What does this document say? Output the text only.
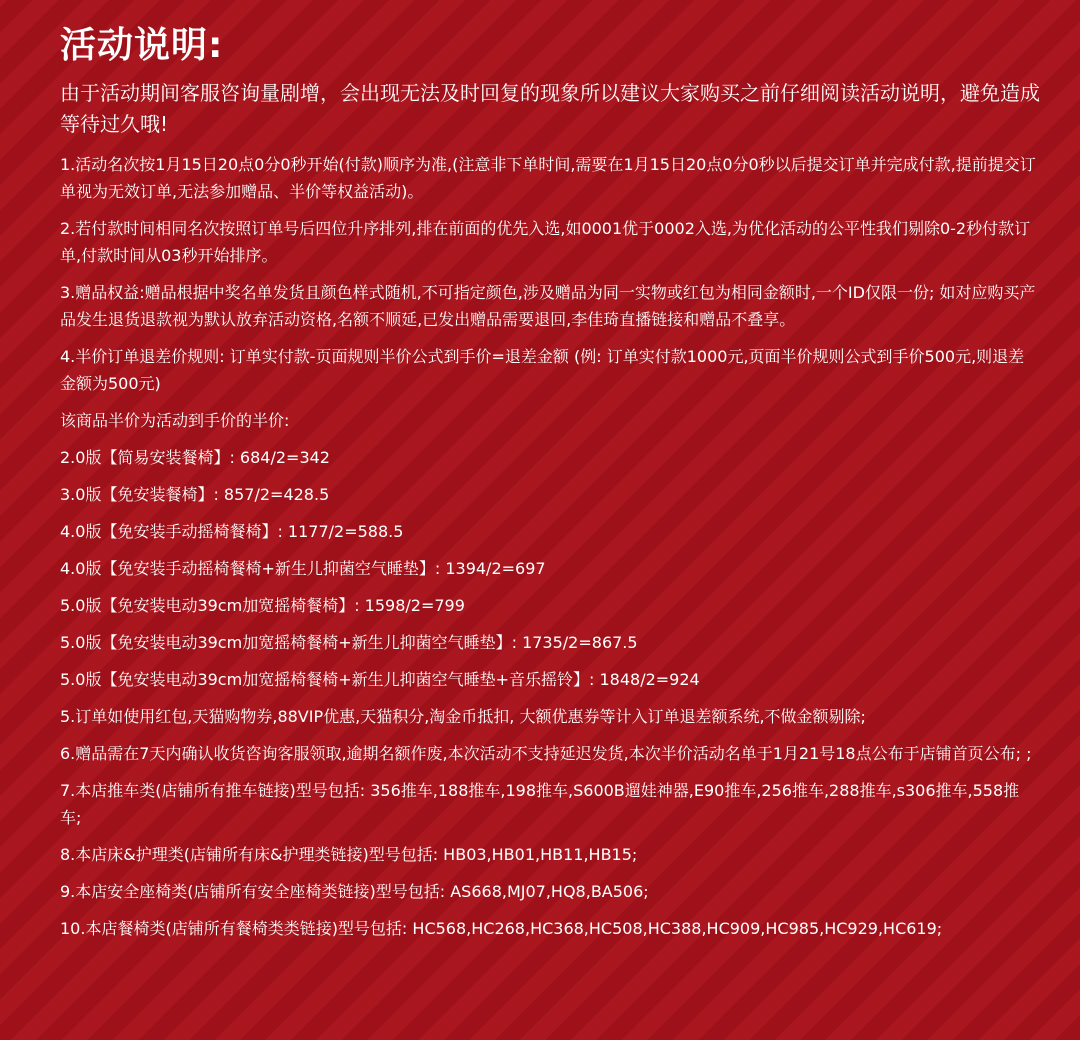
活动说明:
由于活动期间客服咨询量剧增，会出现无法及时回复的现象所以建议大家购买之前仔细阅读活动说明，避免造成等待过久哦!
1.活动名次按1月15日20点0分0秒开始(付款)顺序为准,(注意非下单时间,需要在1月15日20点0分0秒以后提交订单并完成付款,提前提交订单视为无效订单,无法参加赠品、半价等权益活动)。
2.若付款时间相同名次按照订单号后四位升序排列,排在前面的优先入选,如0001优于0002入选,为优化活动的公平性我们剔除0-2秒付款订单,付款时间从03秒开始排序。
3.赠品权益:赠品根据中奖名单发货且颜色样式随机,不可指定颜色,涉及赠品为同一实物或红包为相同金额时,一个ID仅限一份; 如对应购买产品发生退货退款视为默认放弃活动资格,名额不顺延,已发出赠品需要退回,李佳琦直播链接和赠品不叠享。
4.半价订单退差价规则: 订单实付款-页面规则半价公式到手价=退差金额 (例: 订单实付款1000元,页面半价规则公式到手价500元,则退差金额为500元)
该商品半价为活动到手价的半价:
2.0版【简易安装餐椅】: 684/2=342
3.0版【免安装餐椅】: 857/2=428.5
4.0版【免安装手动摇椅餐椅】: 1177/2=588.5
4.0版【免安装手动摇椅餐椅+新生儿抑菌空气睡垫】: 1394/2=697
5.0版【免安装电动39cm加宽摇椅餐椅】: 1598/2=799
5.0版【免安装电动39cm加宽摇椅餐椅+新生儿抑菌空气睡垫】: 1735/2=867.5
5.0版【免安装电动39cm加宽摇椅餐椅+新生儿抑菌空气睡垫+音乐摇铃】: 1848/2=924
5.订单如使用红包,天猫购物券,88VIP优惠,天猫积分,淘金币抵扣, 大额优惠券等计入订单退差额系统,不做金额剔除;
6.赠品需在7天内确认收货咨询客服领取,逾期名额作废,本次活动不支持延迟发货,本次半价活动名单于1月21号18点公布于店铺首页公布; ;
7.本店推车类(店铺所有推车链接)型号包括: 356推车,188推车,198推车,S600B遛娃神器,E90推车,256推车,288推车,s306推车,558推车;
8.本店床&护理类(店铺所有床&护理类链接)型号包括: HB03,HB01,HB11,HB15;
9.本店安全座椅类(店铺所有安全座椅类链接)型号包括: AS668,MJ07,HQ8,BA506;
10.本店餐椅类(店铺所有餐椅类类链接)型号包括: HC568,HC268,HC368,HC508,HC388,HC909,HC985,HC929,HC619;
